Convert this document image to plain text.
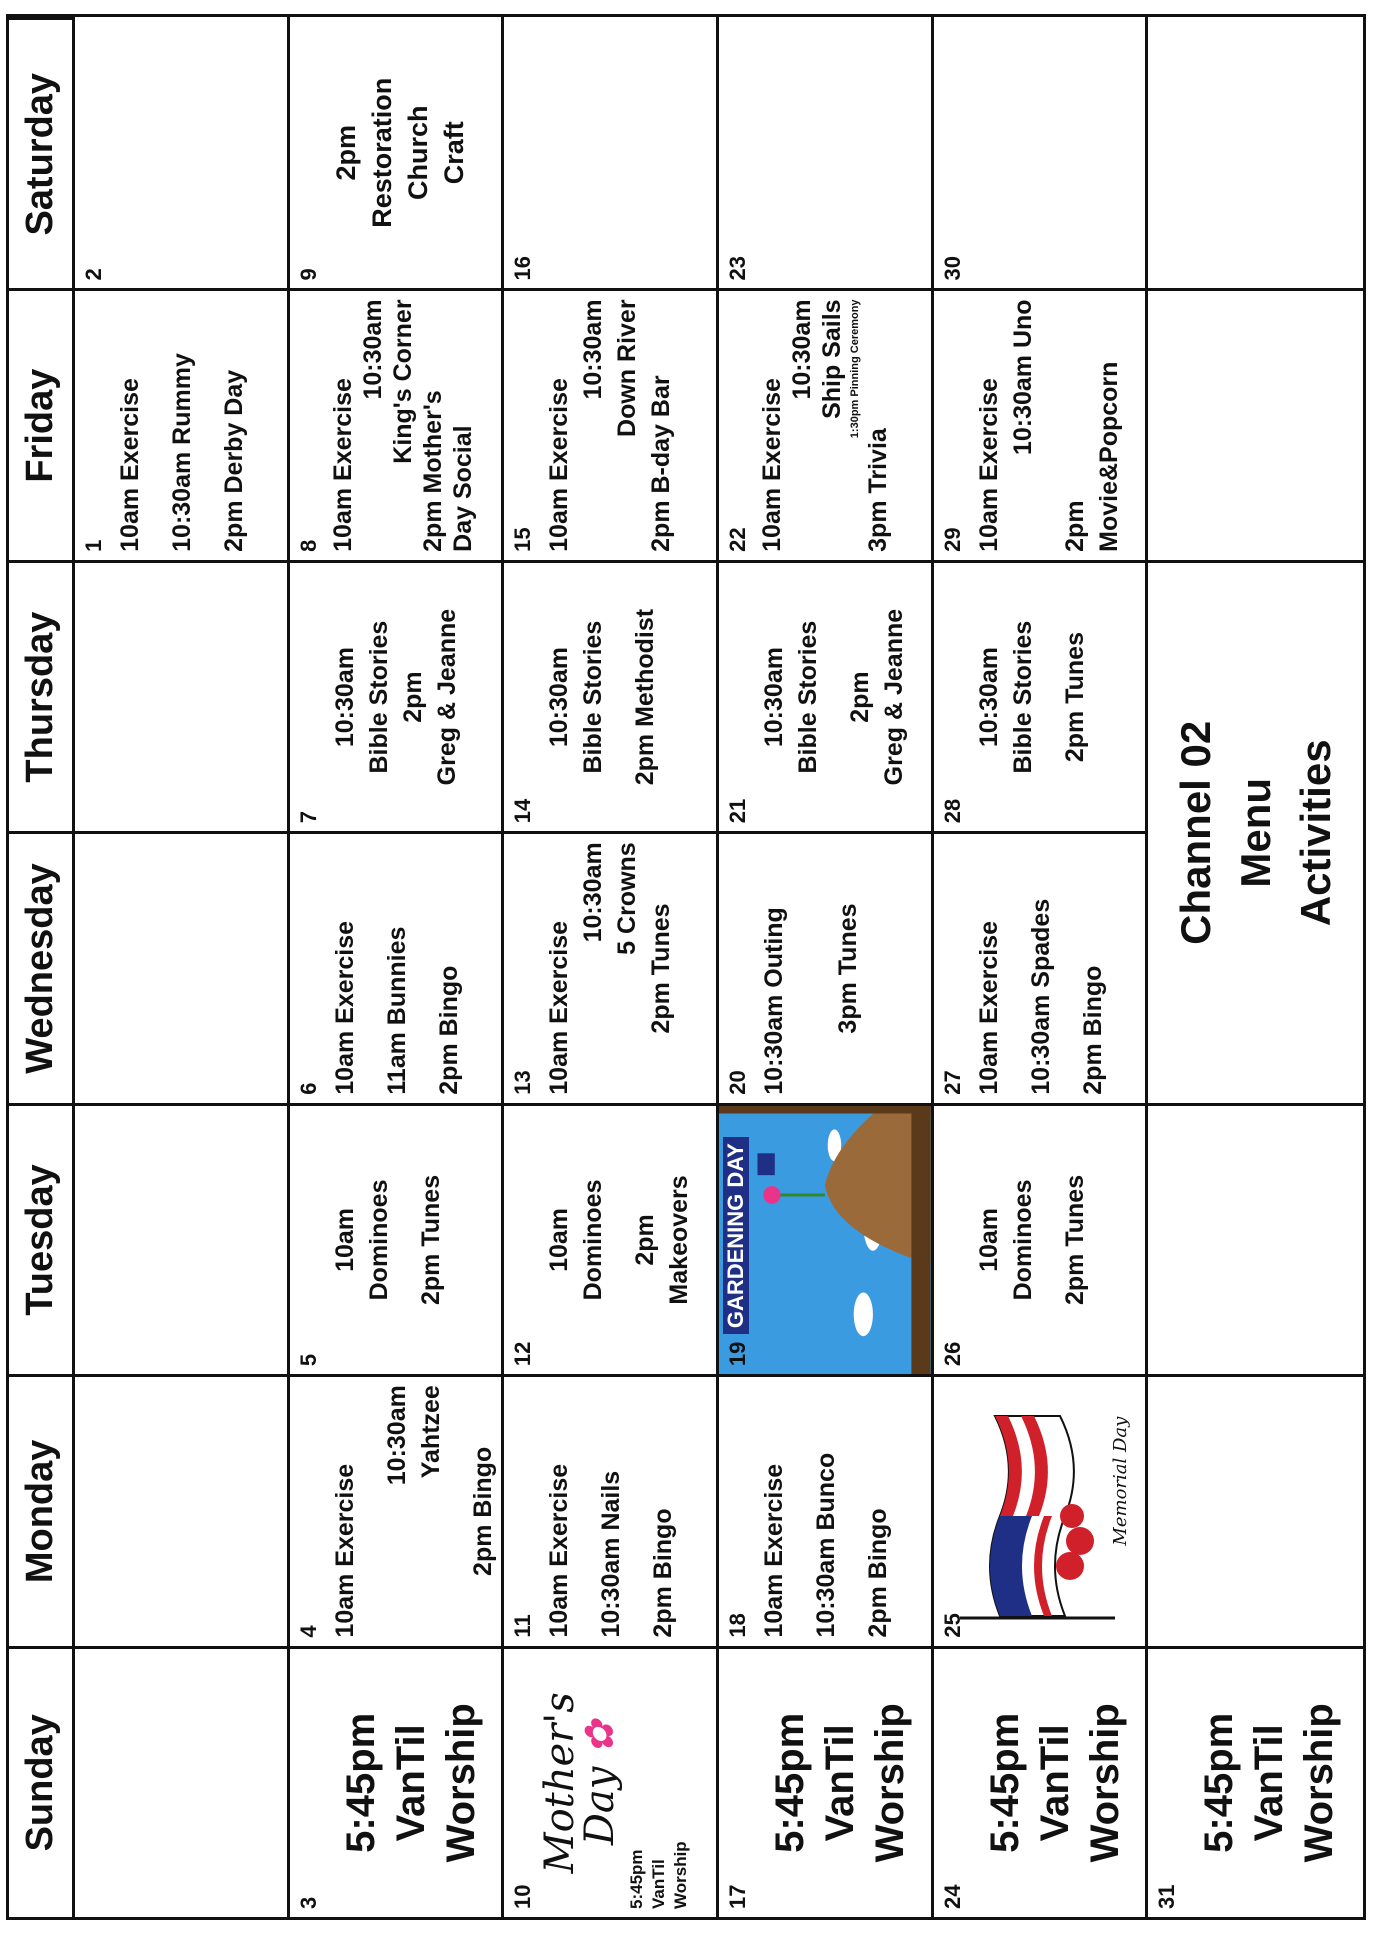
Sunday
Monday
Tuesday
Wednesday
Thursday
Friday
Saturday
1 10am Exercise 10:30am Rummy 2pm Derby Day
2
3
5:45pm VanTil Worship
4 10am Exercise
10:30am Yahtzee
2pm Bingo
5
10am Dominoes 2pm Tunes
6 10am Exercise 11am Bunnies 2pm Bingo
7
10:30am Bible Stories 2pm Greg & Jeanne
8 10am Exercise
10:30am King's Corner
2pm Mother's Day Social
9
2pm Restoration Church Craft
10
Mother's Day ✿
5:45pm VanTil Worship
11 10am Exercise 10:30am Nails 2pm Bingo
12
10am Dominoes 2pm Makeovers
13 10am Exercise
10:30am 5 Crowns
2pm Tunes
14
10:30am Bible Stories 2pm Methodist
15 10am Exercise
10:30am Down River
2pm B-day Bar
16
17
5:45pm VanTil Worship
18 10am Exercise 10:30am Bunco 2pm Bingo
19
GARDENING DAY
20 10:30am Outing 3pm Tunes
21
10:30am Bible Stories 2pm Greg & Jeanne
22 10am Exercise
10:30am Ship Sails 1:30pm Pinning Ceremony
3pm Trivia
23
24
5:45pm VanTil Worship
25
Memorial Day
26
10am Dominoes 2pm Tunes
27 10am Exercise 10:30am Spades 2pm Bingo
28
10:30am Bible Stories 2pm Tunes
29 10am Exercise
10:30am Uno
2pm Movie&Popcorn
30
31
5:45pm VanTil Worship
Channel 02 Menu Activities
